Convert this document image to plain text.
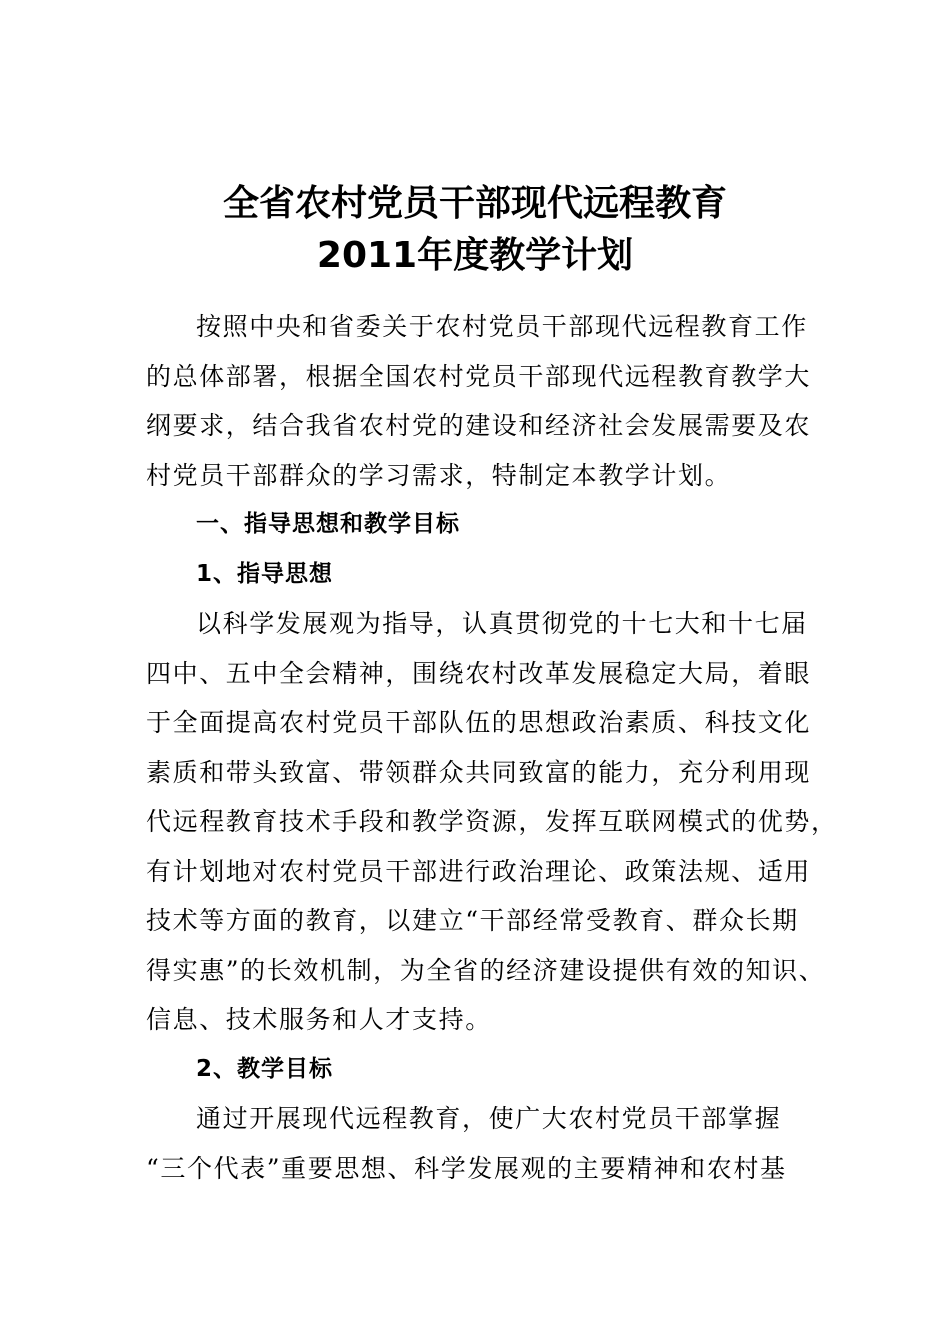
全省农村党员干部现代远程教育
2011年度教学计划
按照中央和省委关于农村党员干部现代远程教育工作
的总体部署，根据全国农村党员干部现代远程教育教学大
纲要求，结合我省农村党的建设和经济社会发展需要及农
村党员干部群众的学习需求，特制定本教学计划。
一、指导思想和教学目标
1、指导思想
以科学发展观为指导，认真贯彻党的十七大和十七届
四中、五中全会精神，围绕农村改革发展稳定大局，着眼
于全面提高农村党员干部队伍的思想政治素质、科技文化
素质和带头致富、带领群众共同致富的能力，充分利用现
代远程教育技术手段和教学资源，发挥互联网模式的优势，
有计划地对农村党员干部进行政治理论、政策法规、适用
技术等方面的教育，以建立“干部经常受教育、群众长期
得实惠”的长效机制，为全省的经济建设提供有效的知识、
信息、技术服务和人才支持。
2、教学目标
通过开展现代远程教育，使广大农村党员干部掌握
“三个代表”重要思想、科学发展观的主要精神和农村基
